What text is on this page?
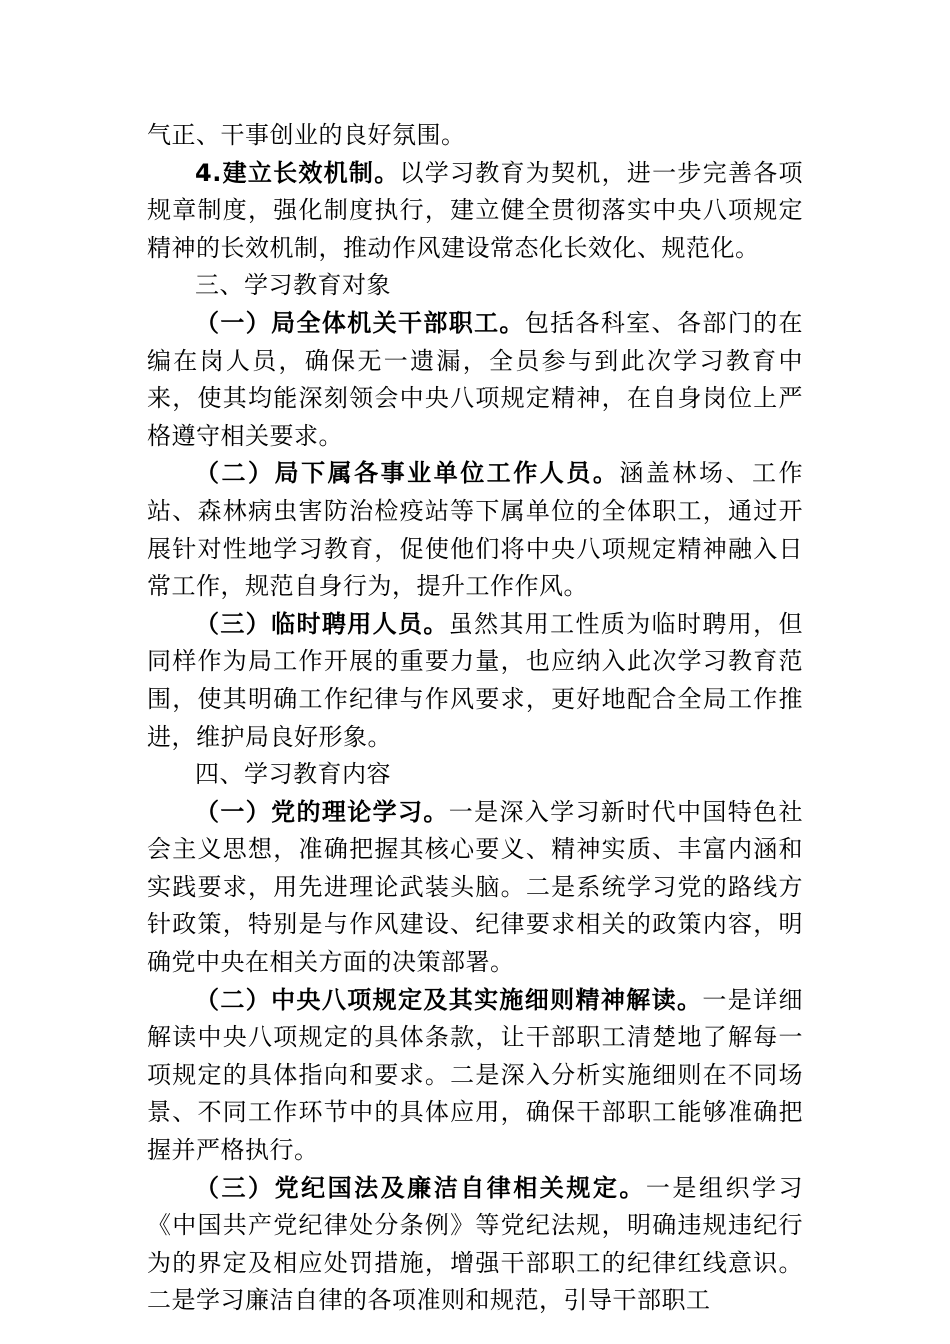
气正、干事创业的良好氛围。

4.建立长效机制。以学习教育为契机，进一步完善各项规章制度，强化制度执行，建立健全贯彻落实中央八项规定精神的长效机制，推动作风建设常态化长效化、规范化。

三、学习教育对象

（一）局全体机关干部职工。包括各科室、各部门的在编在岗人员，确保无一遗漏，全员参与到此次学习教育中来，使其均能深刻领会中央八项规定精神，在自身岗位上严格遵守相关要求。

（二）局下属各事业单位工作人员。涵盖林场、工作站、森林病虫害防治检疫站等下属单位的全体职工，通过开展针对性地学习教育，促使他们将中央八项规定精神融入日常工作，规范自身行为，提升工作作风。

（三）临时聘用人员。虽然其用工性质为临时聘用，但同样作为局工作开展的重要力量，也应纳入此次学习教育范围，使其明确工作纪律与作风要求，更好地配合全局工作推进，维护局良好形象。

四、学习教育内容

（一）党的理论学习。一是深入学习新时代中国特色社会主义思想，准确把握其核心要义、精神实质、丰富内涵和实践要求，用先进理论武装头脑。二是系统学习党的路线方针政策，特别是与作风建设、纪律要求相关的政策内容，明确党中央在相关方面的决策部署。

（二）中央八项规定及其实施细则精神解读。一是详细解读中央八项规定的具体条款，让干部职工清楚地了解每一项规定的具体指向和要求。二是深入分析实施细则在不同场景、不同工作环节中的具体应用，确保干部职工能够准确把握并严格执行。

（三）党纪国法及廉洁自律相关规定。一是组织学习《中国共产党纪律处分条例》等党纪法规，明确违规违纪行为的界定及相应处罚措施，增强干部职工的纪律红线意识。二是学习廉洁自律的各项准则和规范，引导干部职工
